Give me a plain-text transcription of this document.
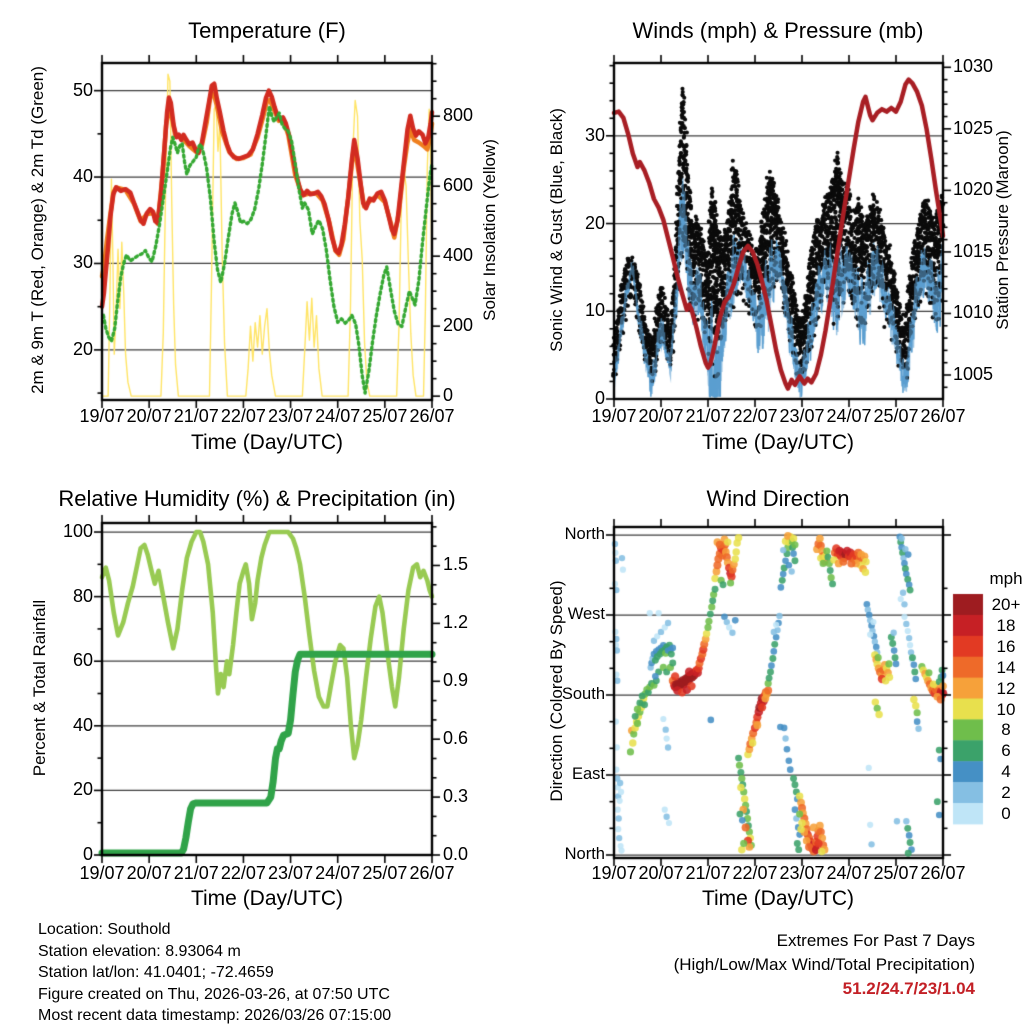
Temperature (F)	Winds (mph) & Pressure (mb)
Relative Humidity (%) & Precipitation (in)	Wind Direction
Time (Day/UTC)	Time (Day/UTC)
Time (Day/UTC)	Time (Day/UTC)
2m & 9m T (Red, Orange) & 2m Td (Green)	Solar Insolation (Yellow)	Sonic Wind & Gust (Blue, Black)	Station Pressure (Maroon)
Percent & Total Rainfall	Direction (Colored By Speed)
mph
Location: Southold
Station elevation: 8.93064 m
Station lat/lon: 41.0401; -72.4659
Figure created on Thu, 2026-03-26, at 07:50 UTC
Most recent data timestamp: 2026/03/26 07:15:00
Extremes For Past 7 Days
(High/Low/Max Wind/Total Precipitation)
51.2/24.7/23/1.04
19/07 20/07 21/07 22/07 23/07 24/07 25/07 26/07	19/07 20/07 21/07 22/07 23/07 24/07 25/07 26/07
19/07 20/07 21/07 22/07 23/07 24/07 25/07 26/07	19/07 20/07 21/07 22/07 23/07 24/07 25/07 26/07
20
30
40
50
0
200
400
600
800
0
10
20
30
1005
1010
1015
1020
1025
1030
0
20
40
60
80
100
0.0
0.3
0.6
0.9
1.2
1.5
North
West
South
East
North
20+
18
16
14
12
10
8
6
4
2
0
